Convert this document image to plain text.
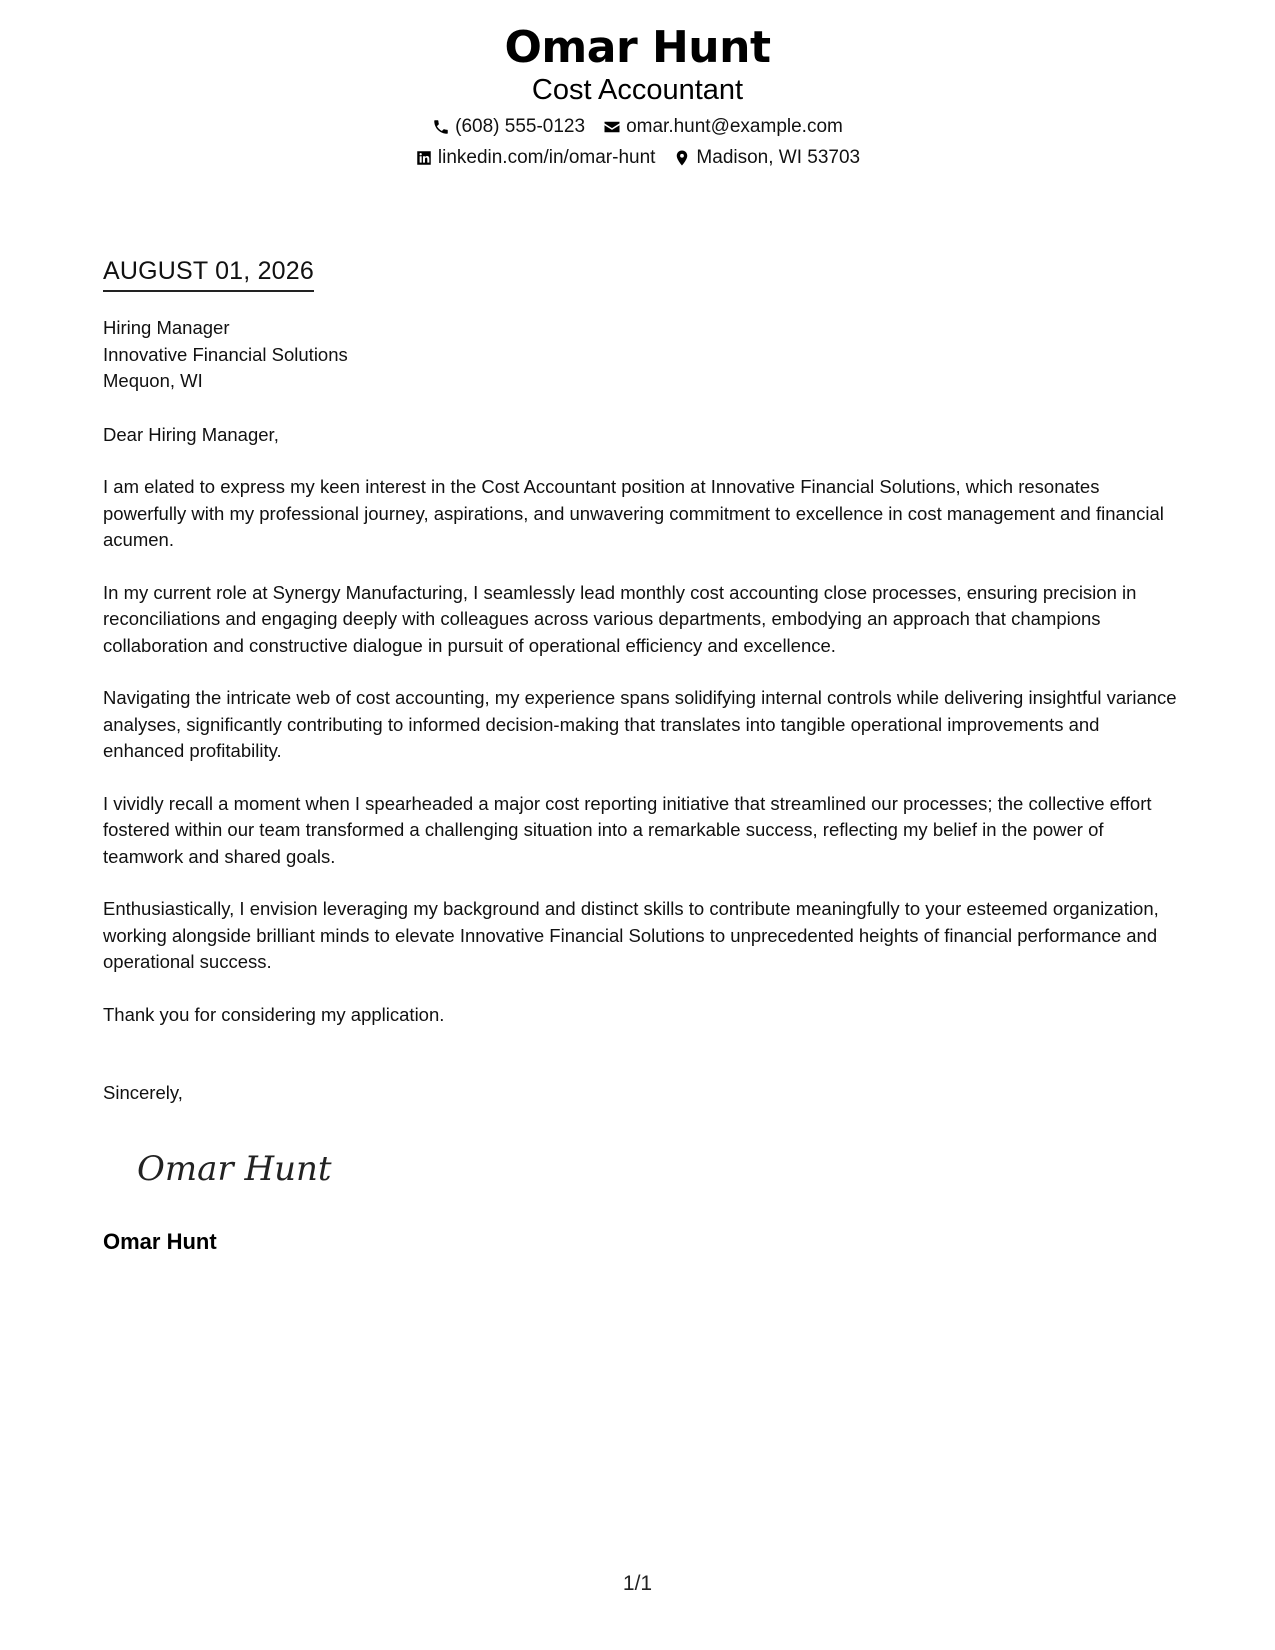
Omar Hunt
Cost Accountant
(608) 555-0123 omar.hunt@example.com
linkedin.com/in/omar-hunt Madison, WI 53703
AUGUST 01, 2026
Hiring Manager
Innovative Financial Solutions
Mequon, WI
Dear Hiring Manager,
I am elated to express my keen interest in the Cost Accountant position at Innovative Financial Solutions, which resonates powerfully with my professional journey, aspirations, and unwavering commitment to excellence in cost management and financial acumen.
In my current role at Synergy Manufacturing, I seamlessly lead monthly cost accounting close processes, ensuring precision in reconciliations and engaging deeply with colleagues across various departments, embodying an approach that champions collaboration and constructive dialogue in pursuit of operational efficiency and excellence.
Navigating the intricate web of cost accounting, my experience spans solidifying internal controls while delivering insightful variance analyses, significantly contributing to informed decision-making that translates into tangible operational improvements and enhanced profitability.
I vividly recall a moment when I spearheaded a major cost reporting initiative that streamlined our processes; the collective effort fostered within our team transformed a challenging situation into a remarkable success, reflecting my belief in the power of teamwork and shared goals.
Enthusiastically, I envision leveraging my background and distinct skills to contribute meaningfully to your esteemed organization, working alongside brilliant minds to elevate Innovative Financial Solutions to unprecedented heights of financial performance and operational success.
Thank you for considering my application.
Sincerely,
Omar Hunt
Omar Hunt
1/1
